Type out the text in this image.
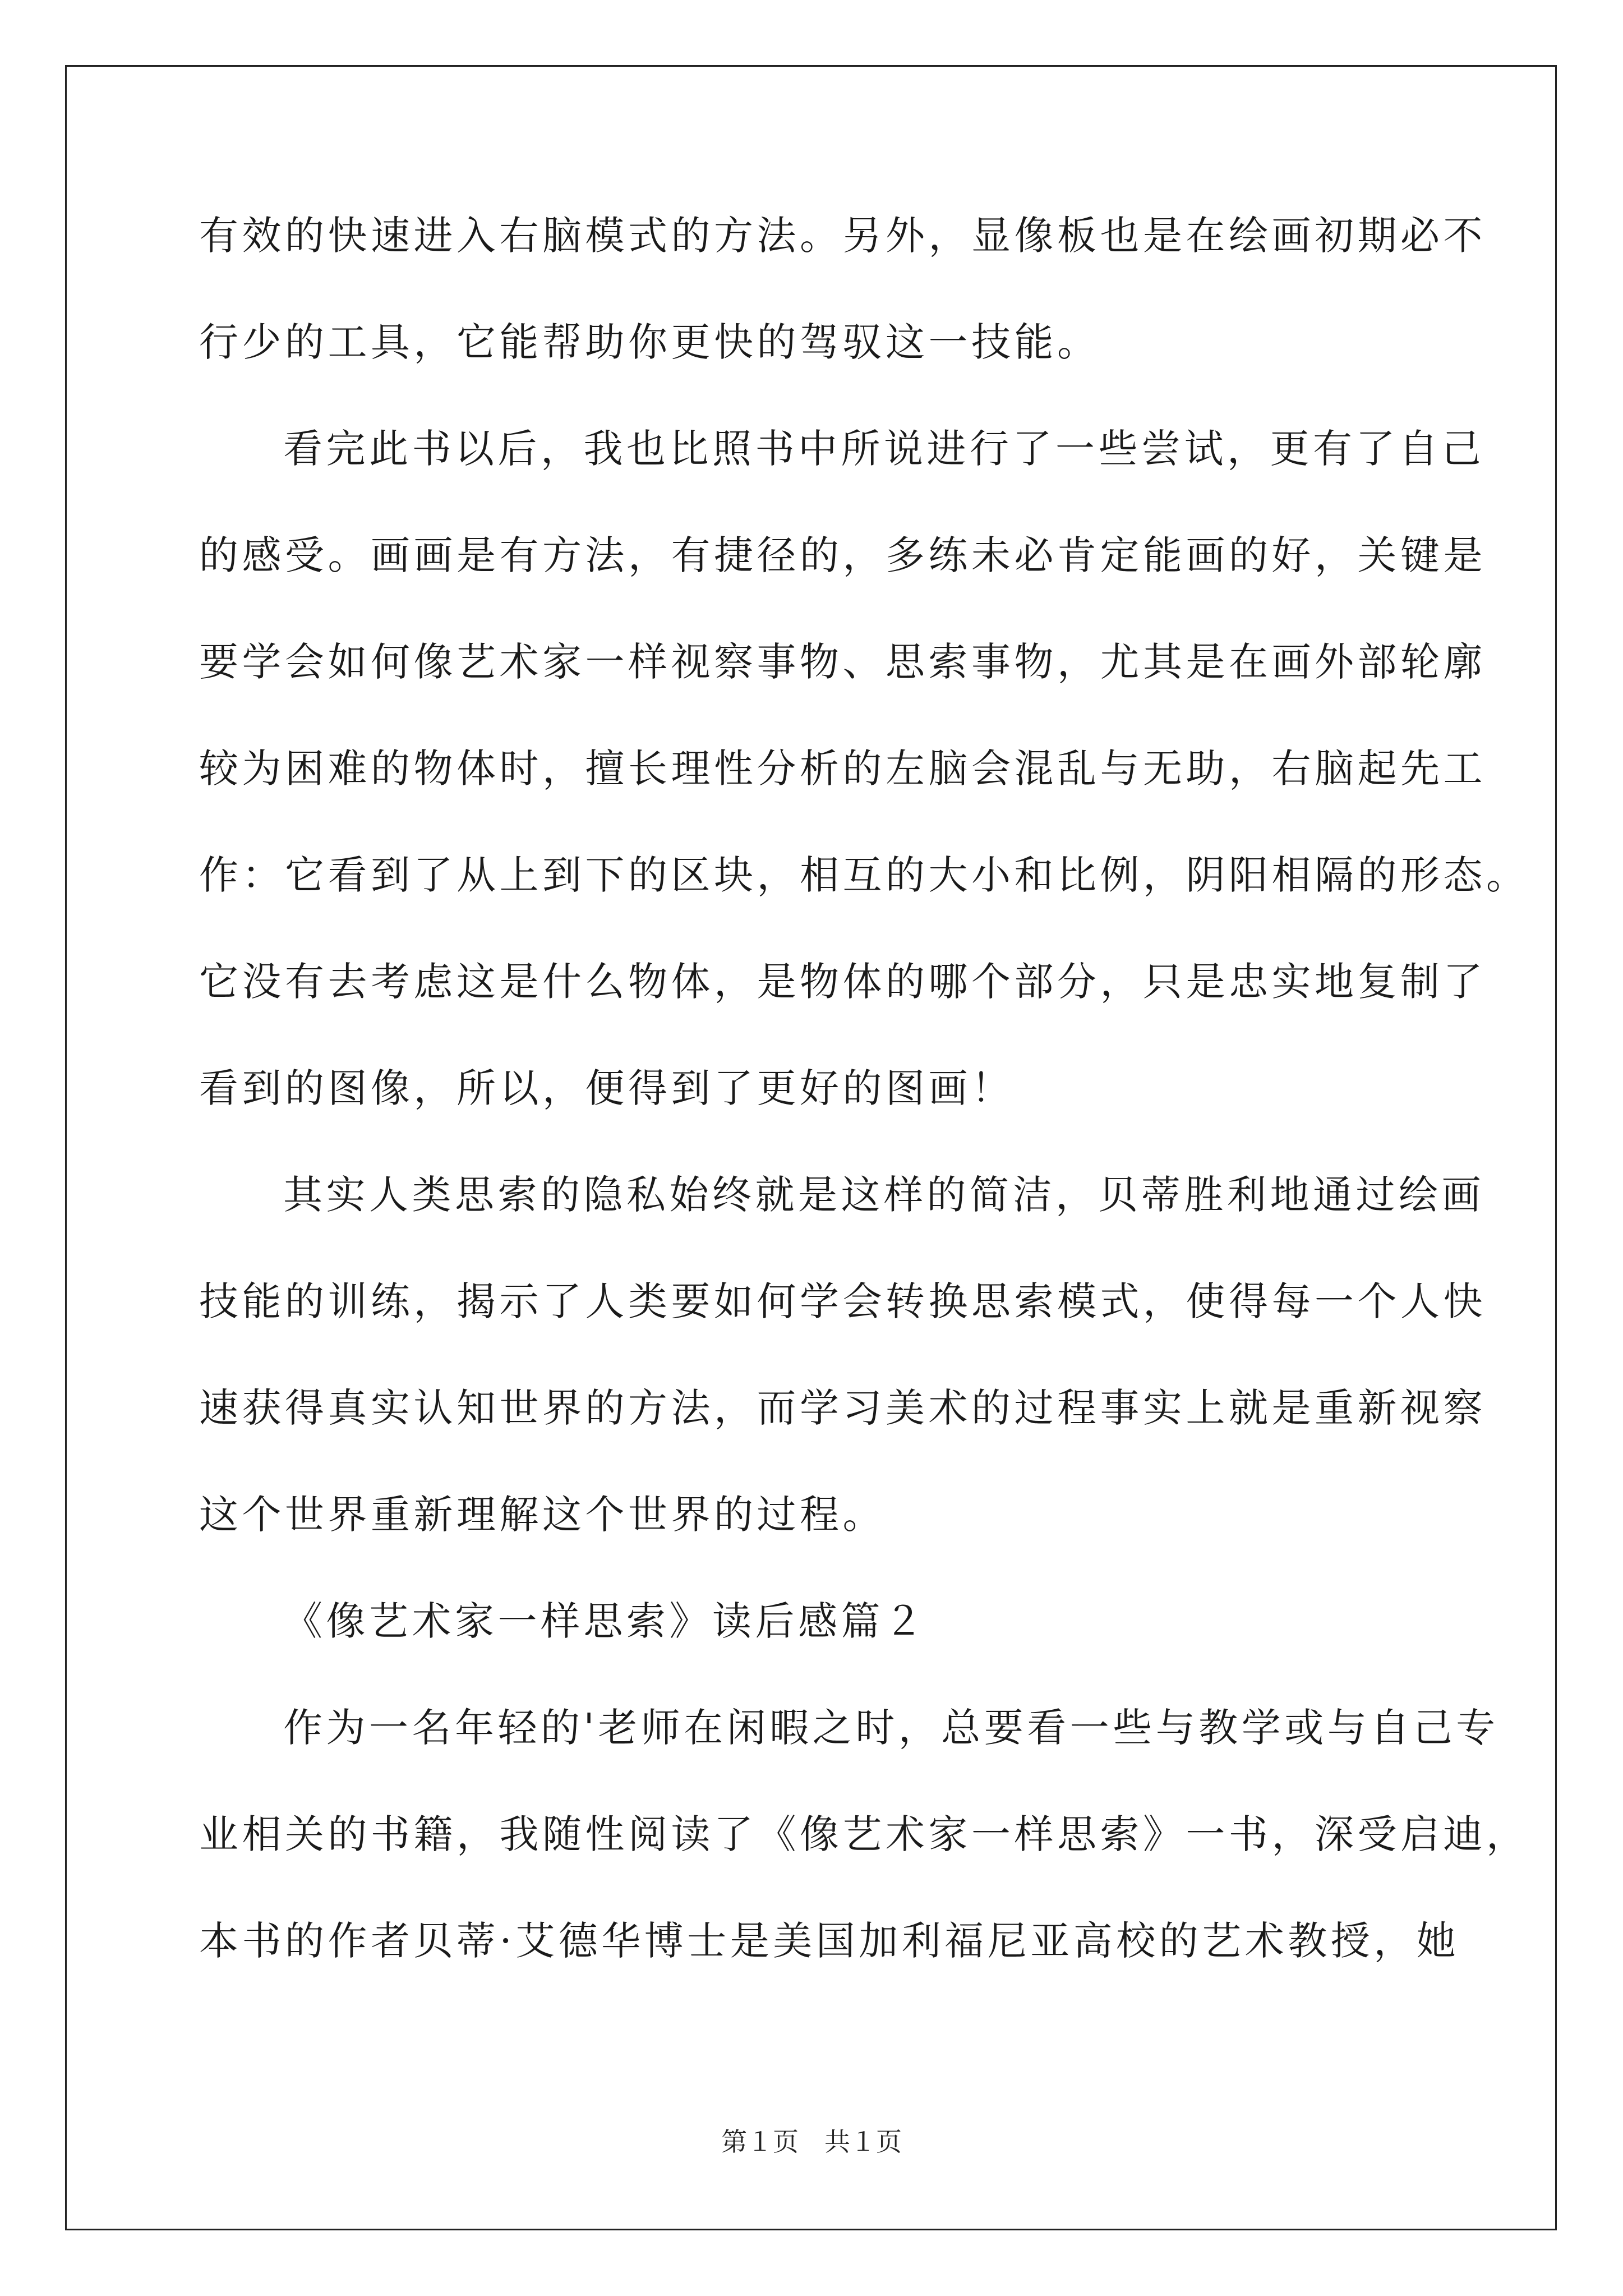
有效的快速进入右脑模式的方法。另外，显像板也是在绘画初期必不
行少的工具，它能帮助你更快的驾驭这一技能。
看完此书以后，我也比照书中所说进行了一些尝试，更有了自己
的感受。画画是有方法，有捷径的，多练未必肯定能画的好，关键是
要学会如何像艺术家一样视察事物、思索事物，尤其是在画外部轮廓
较为困难的物体时，擅长理性分析的左脑会混乱与无助，右脑起先工
作：它看到了从上到下的区块，相互的大小和比例，阴阳相隔的形态。
它没有去考虑这是什么物体，是物体的哪个部分，只是忠实地复制了
看到的图像，所以，便得到了更好的图画！
其实人类思索的隐私始终就是这样的简洁，贝蒂胜利地通过绘画
技能的训练，揭示了人类要如何学会转换思索模式，使得每一个人快
速获得真实认知世界的方法，而学习美术的过程事实上就是重新视察
这个世界重新理解这个世界的过程。
《像艺术家一样思索》读后感篇２
作为一名年轻的'老师在闲暇之时，总要看一些与教学或与自己专
业相关的书籍，我随性阅读了《像艺术家一样思索》一书，深受启迪，
本书的作者贝蒂·艾德华博士是美国加利福尼亚高校的艺术教授，她
第１页　共１页
